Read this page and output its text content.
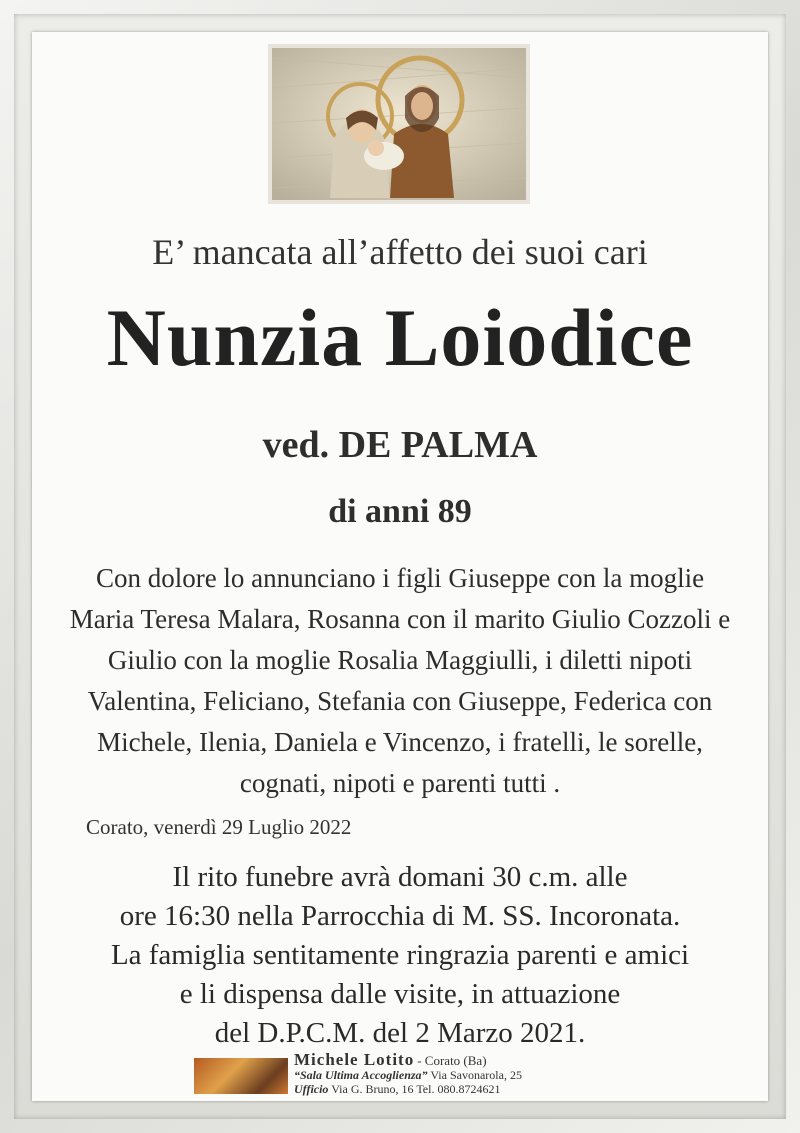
E’ mancata all’affetto dei suoi cari
Nunzia Loiodice
ved. DE PALMA
di anni 89
Con dolore lo annunciano i figli Giuseppe con la moglie
Maria Teresa Malara, Rosanna con il marito Giulio Cozzoli e
Giulio con la moglie Rosalia Maggiulli, i diletti nipoti
Valentina, Feliciano, Stefania con Giuseppe, Federica con
Michele, Ilenia, Daniela e Vincenzo, i fratelli, le sorelle,
cognati, nipoti e parenti tutti .
Corato, venerdì 29 Luglio 2022
Il rito funebre avrà domani 30 c.m. alle
ore 16:30 nella Parrocchia di M. SS. Incoronata.
La famiglia sentitamente ringrazia parenti e amici
e li dispensa dalle visite, in attuazione
del D.P.C.M. del 2 Marzo 2021.
Michele Lotito - Corato (Ba)
“Sala Ultima Accoglienza” Via Savonarola, 25
Ufficio Via G. Bruno, 16 Tel. 080.8724621
